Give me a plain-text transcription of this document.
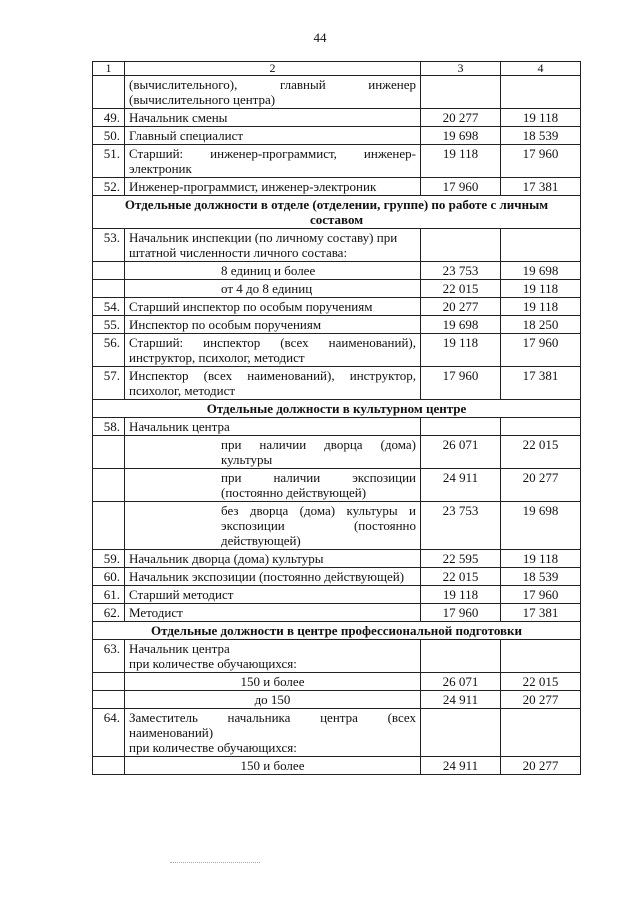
44
1	2	3	4
	(вычислительного), главный инженер (вычислительного центра)		
49.	Начальник смены	20 277	19 118
50.	Главный специалист	19 698	18 539
51.	Старший: инженер-программист, инженер-электроник	19 118	17 960
52.	Инженер-программист, инженер-электроник	17 960	17 381
Отдельные должности в отделе (отделении, группе) по работе с личным составом			
53.	Начальник инспекции (по личному составу) при штатной численности личного состава:		
	8 единиц и более	23 753	19 698
	от 4 до 8 единиц	22 015	19 118
54.	Старший инспектор по особым поручениям	20 277	19 118
55.	Инспектор по особым поручениям	19 698	18 250
56.	Старший: инспектор (всех наименований), инструктор, психолог, методист	19 118	17 960
57.	Инспектор (всех наименований), инструктор, психолог, методист	17 960	17 381
Отдельные должности в культурном центре			
58.	Начальник центра		
	при наличии дворца (дома) культуры	26 071	22 015
	при наличии экспозиции (постоянно действующей)	24 911	20 277
	без дворца (дома) культуры и экспозиции (постоянно действующей)	23 753	19 698
59.	Начальник дворца (дома) культуры	22 595	19 118
60.	Начальник экспозиции (постоянно действующей)	22 015	18 539
61.	Старший методист	19 118	17 960
62.	Методист	17 960	17 381
Отдельные должности в центре профессиональной подготовки			
63.	Начальник центра
при количестве обучающихся:		

	150 и более	26 071	22 015
	до 150	24 911	20 277
64.	Заместитель начальника центра (всех наименований)
при количестве обучающихся:		

	150 и более	24 911	20 277
